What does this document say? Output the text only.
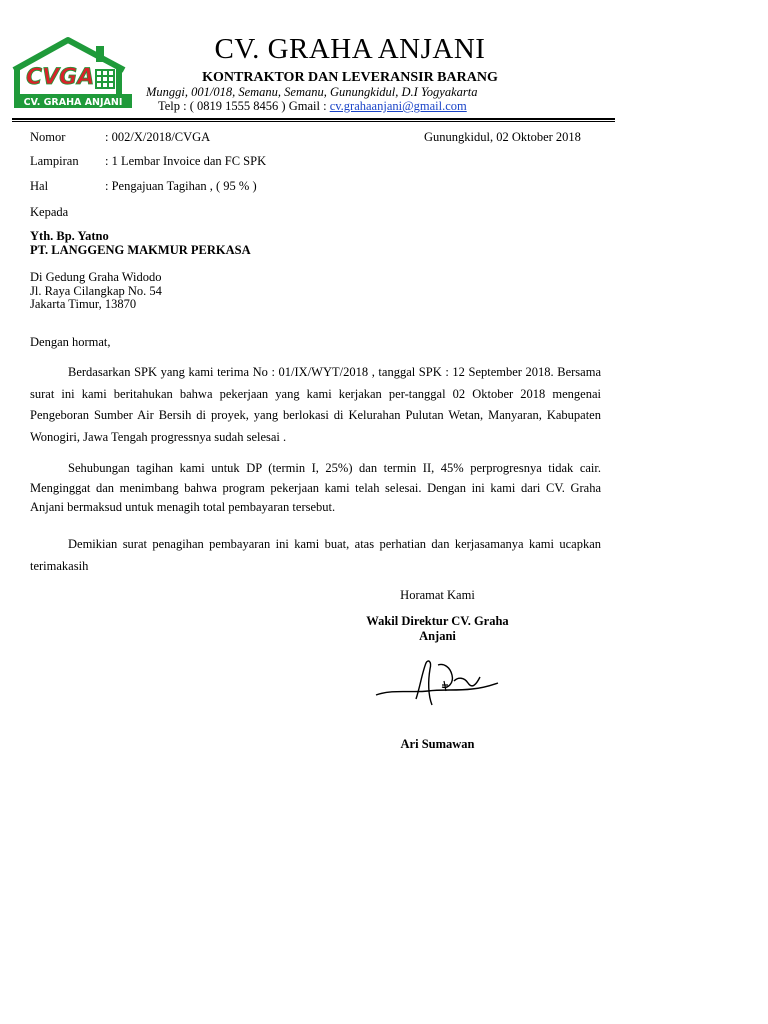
CVGA
CV. GRAHA ANJANI
CV. GRAHA ANJANI
KONTRAKTOR DAN LEVERANSIR BARANG
Munggi, 001/018, Semanu, Semanu, Gunungkidul, D.I Yogyakarta
Telp : ( 0819 1555 8456 ) Gmail : cv.grahaanjani@gmail.com
Nomor	: 002/X/2018/CVGA	Gunungkidul, 02 Oktober 2018
Lampiran : 1 Lembar Invoice dan FC SPK
Hal	: Pengajuan Tagihan , ( 95 % )
Kepada
Yth. Bp. Yatno
PT. LANGGENG MAKMUR PERKASA
Di Gedung Graha Widodo
Jl. Raya Cilangkap No. 54
Jakarta Timur, 13870
Dengan hormat,
Berdasarkan SPK yang kami terima No : 01/IX/WYT/2018 , tanggal SPK : 12 September 2018. Bersama surat ini kami beritahukan bahwa pekerjaan yang kami kerjakan per-tanggal 02 Oktober 2018 mengenai Pengeboran Sumber Air Bersih di proyek, yang berlokasi di Kelurahan Pulutan Wetan, Manyaran, Kabupaten Wonogiri, Jawa Tengah progressnya sudah selesai .
Sehubungan tagihan kami untuk DP (termin I, 25%) dan termin II, 45% perprogresnya tidak cair. Menginggat dan menimbang bahwa program pekerjaan kami telah selesai. Dengan ini kami dari CV. Graha Anjani bermaksud untuk menagih total pembayaran tersebut.
Demikian surat penagihan pembayaran ini kami buat, atas perhatian dan kerjasamanya kami ucapkan terimakasih
Horamat Kami
Wakil Direktur CV. Graha
Anjani
Ari Sumawan
